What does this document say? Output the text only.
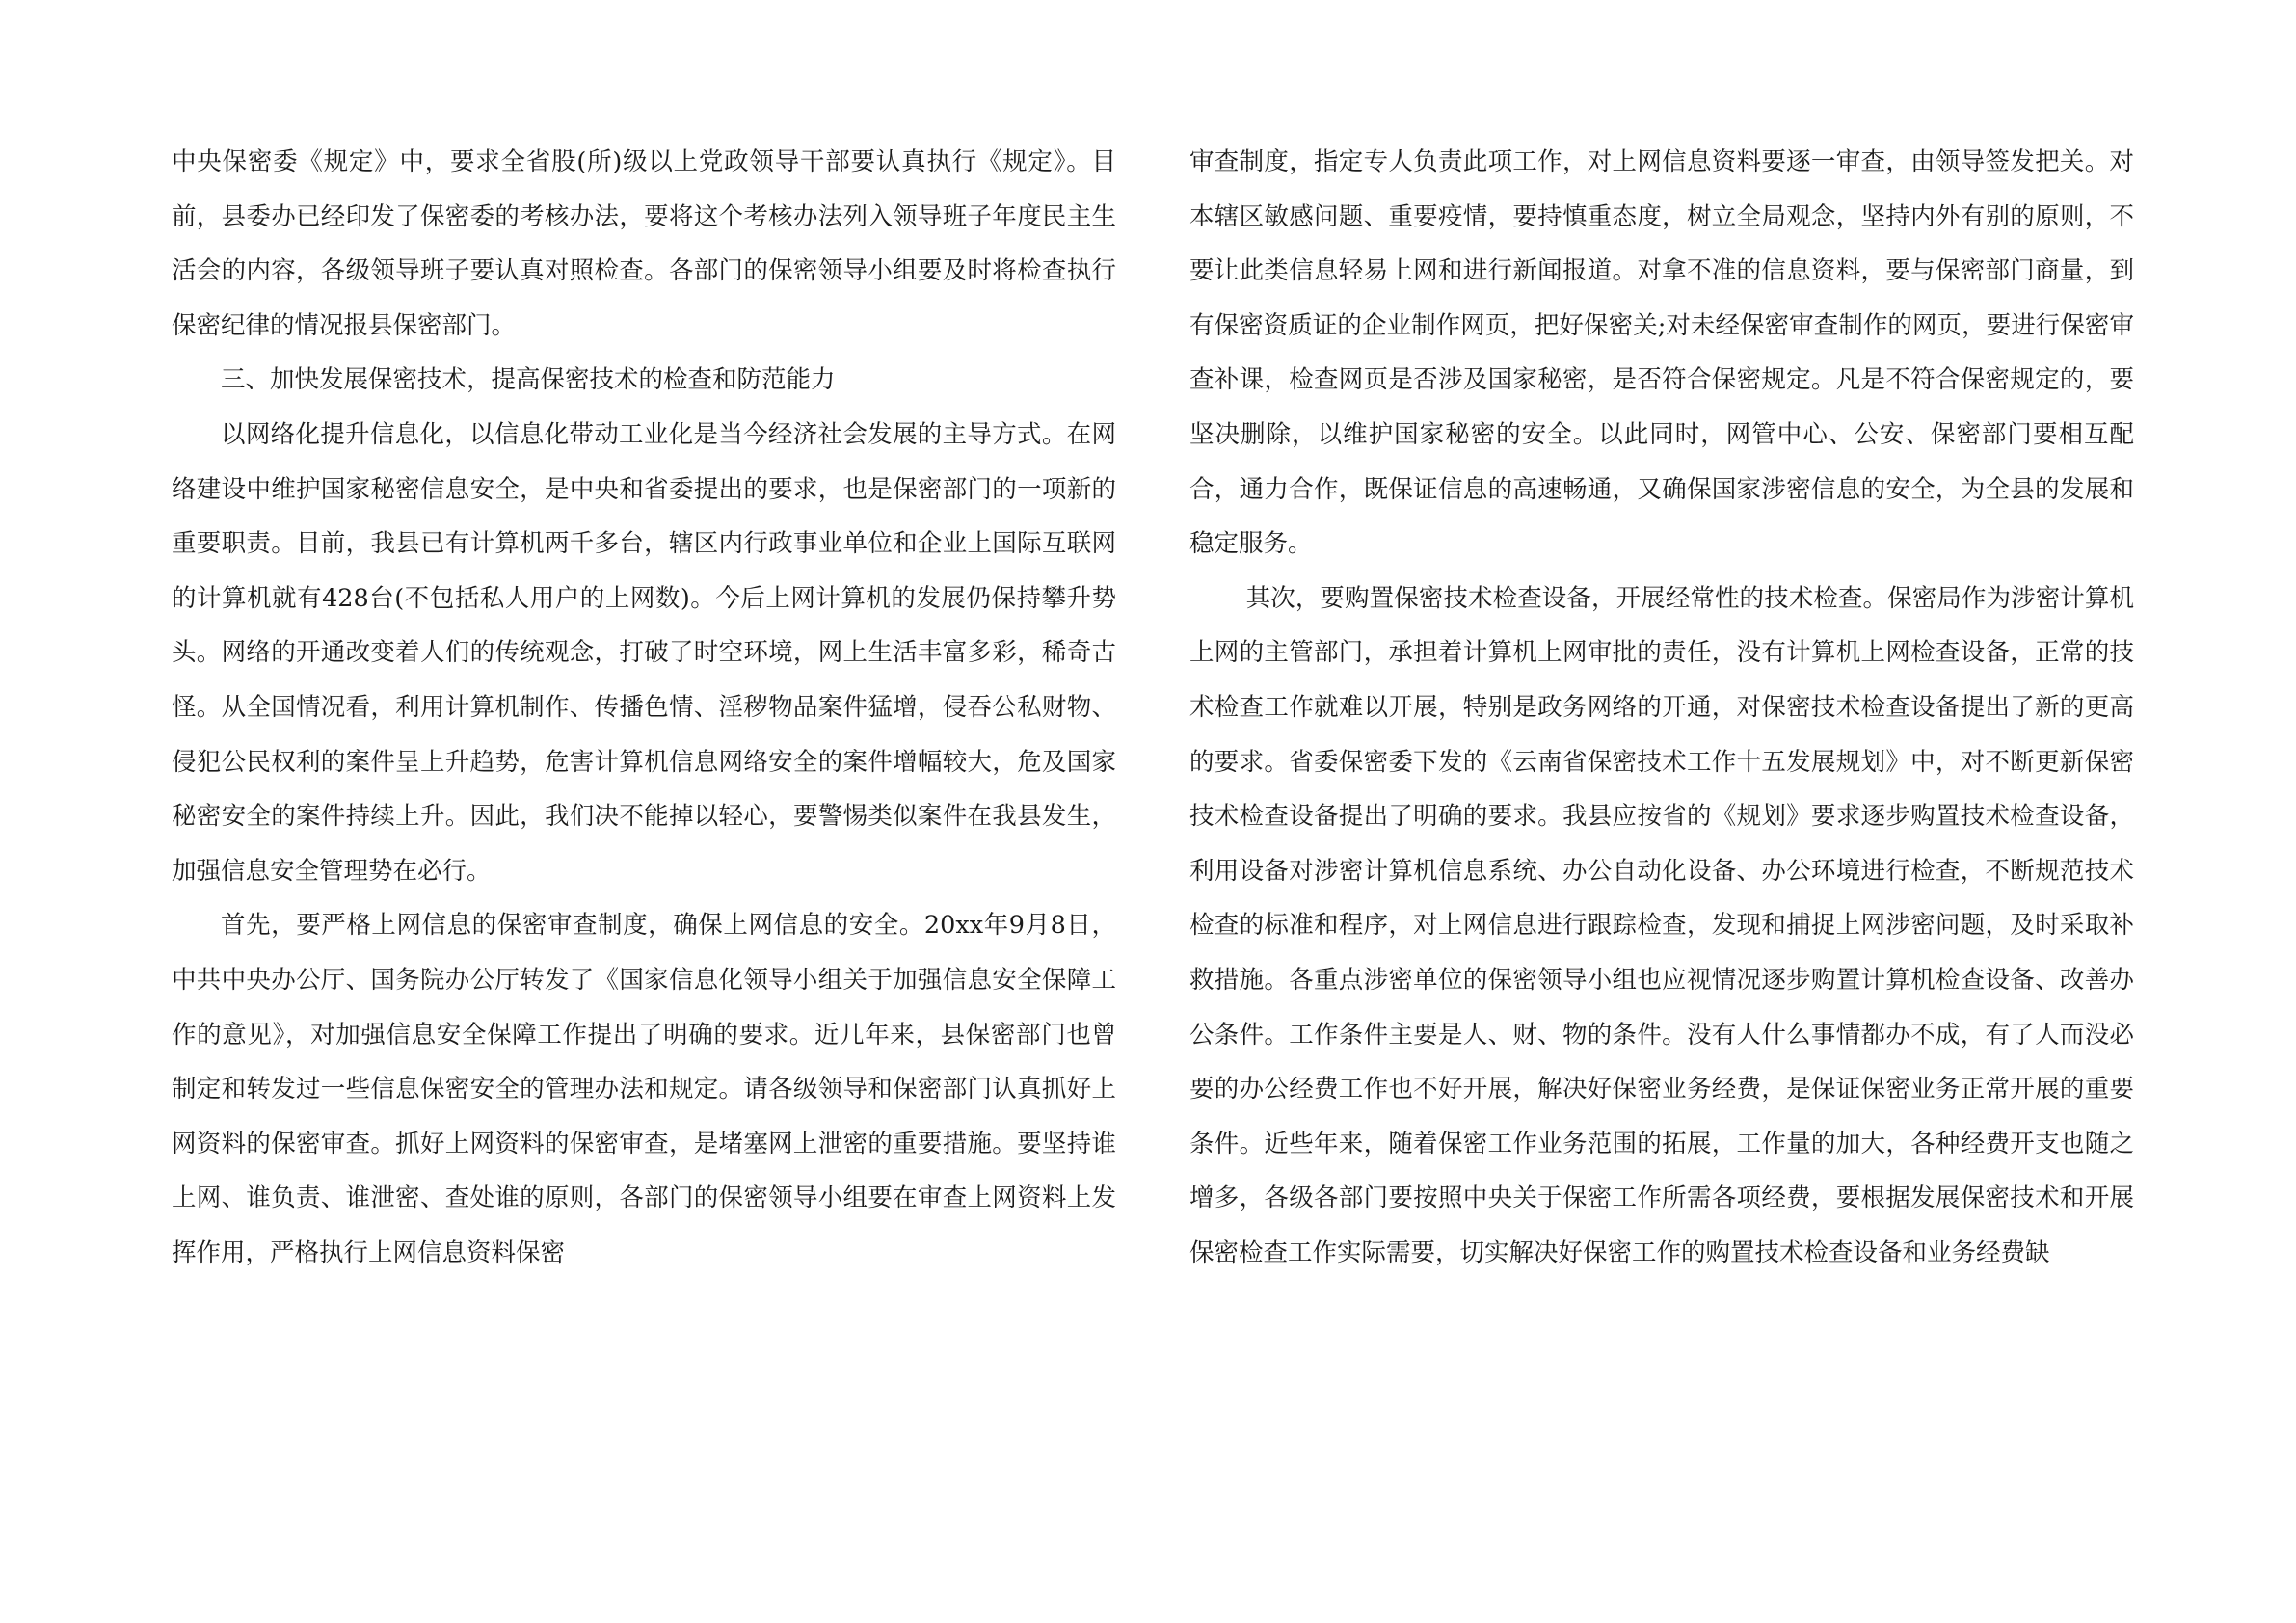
中央保密委《规定》中，要求全省股(所)级以上党政领导干部要认真执行《规定》。目前，县委办已经印发了保密委的考核办法，要将这个考核办法列入领导班子年度民主生活会的内容，各级领导班子要认真对照检查。各部门的保密领导小组要及时将检查执行保密纪律的情况报县保密部门。

三、加快发展保密技术，提高保密技术的检查和防范能力

以网络化提升信息化，以信息化带动工业化是当今经济社会发展的主导方式。在网络建设中维护国家秘密信息安全，是中央和省委提出的要求，也是保密部门的一项新的重要职责。目前，我县已有计算机两千多台，辖区内行政事业单位和企业上国际互联网的计算机就有428台(不包括私人用户的上网数)。今后上网计算机的发展仍保持攀升势头。网络的开通改变着人们的传统观念，打破了时空环境，网上生活丰富多彩，稀奇古怪。从全国情况看，利用计算机制作、传播色情、淫秽物品案件猛增，侵吞公私财物、侵犯公民权利的案件呈上升趋势，危害计算机信息网络安全的案件增幅较大，危及国家秘密安全的案件持续上升。因此，我们决不能掉以轻心，要警惕类似案件在我县发生，加强信息安全管理势在必行。

首先，要严格上网信息的保密审查制度，确保上网信息的安全。20xx年9月8日，中共中央办公厅、国务院办公厅转发了《国家信息化领导小组关于加强信息安全保障工作的意见》，对加强信息安全保障工作提出了明确的要求。近几年来，县保密部门也曾制定和转发过一些信息保密安全的管理办法和规定。请各级领导和保密部门认真抓好上网资料的保密审查。抓好上网资料的保密审查，是堵塞网上泄密的重要措施。要坚持谁上网、谁负责、谁泄密、查处谁的原则，各部门的保密领导小组要在审查上网资料上发挥作用，严格执行上网信息资料保密

审查制度，指定专人负责此项工作，对上网信息资料要逐一审查，由领导签发把关。对本辖区敏感问题、重要疫情，要持慎重态度，树立全局观念，坚持内外有别的原则，不要让此类信息轻易上网和进行新闻报道。对拿不准的信息资料，要与保密部门商量，到有保密资质证的企业制作网页，把好保密关;对未经保密审查制作的网页，要进行保密审查补课，检查网页是否涉及国家秘密，是否符合保密规定。凡是不符合保密规定的，要坚决删除，以维护国家秘密的安全。以此同时，网管中心、公安、保密部门要相互配合，通力合作，既保证信息的高速畅通，又确保国家涉密信息的安全，为全县的发展和稳定服务。

其次，要购置保密技术检查设备，开展经常性的技术检查。保密局作为涉密计算机上网的主管部门，承担着计算机上网审批的责任，没有计算机上网检查设备，正常的技术检查工作就难以开展，特别是政务网络的开通，对保密技术检查设备提出了新的更高的要求。省委保密委下发的《云南省保密技术工作十五发展规划》中，对不断更新保密技术检查设备提出了明确的要求。我县应按省的《规划》要求逐步购置技术检查设备，利用设备对涉密计算机信息系统、办公自动化设备、办公环境进行检查，不断规范技术检查的标准和程序，对上网信息进行跟踪检查，发现和捕捉上网涉密问题，及时采取补救措施。各重点涉密单位的保密领导小组也应视情况逐步购置计算机检查设备、改善办公条件。工作条件主要是人、财、物的条件。没有人什么事情都办不成，有了人而没必要的办公经费工作也不好开展，解决好保密业务经费，是保证保密业务正常开展的重要条件。近些年来，随着保密工作业务范围的拓展，工作量的加大，各种经费开支也随之增多，各级各部门要按照中央关于保密工作所需各项经费，要根据发展保密技术和开展保密检查工作实际需要，切实解决好保密工作的购置技术检查设备和业务经费缺
